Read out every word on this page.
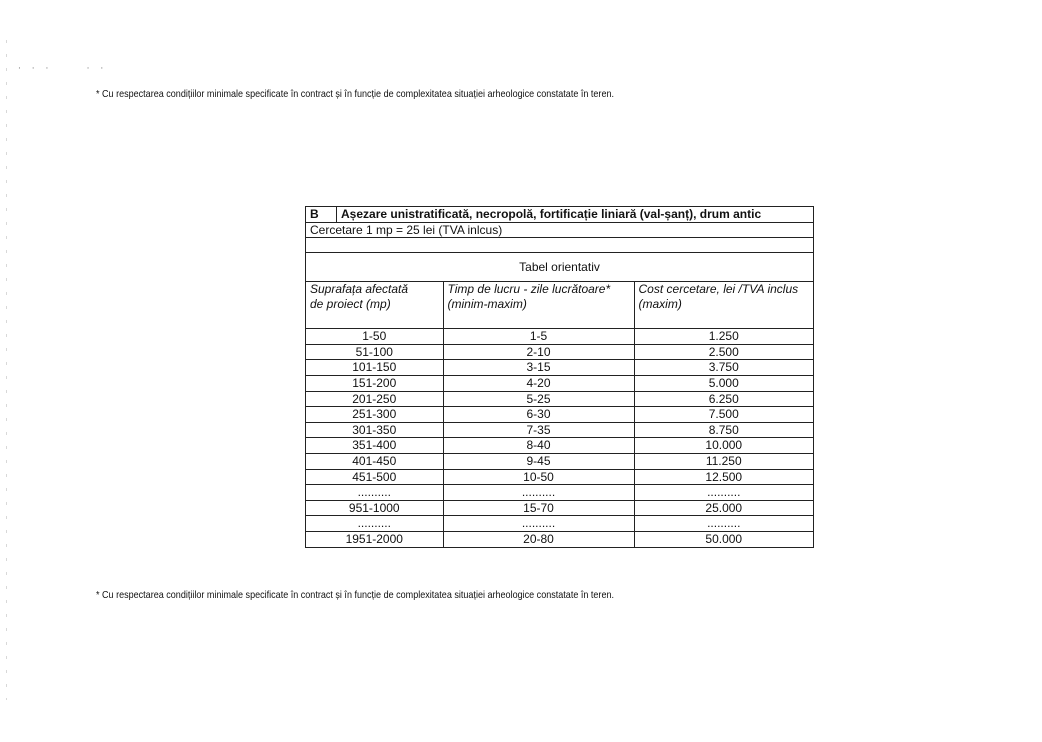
· · ·     · ·
* Cu respectarea condițiilor minimale specificate în contract și în funcție de complexitatea situației arheologice constatate în teren.
B	Așezare unistratificată, necropolă, fortificație liniară (val-șanț), drum antic		
Cercetare 1 mp = 25 lei (TVA inlcus)			

Tabel orientativ			
Suprafața afectată de proiect (mp)		Timp de lucru - zile lucrătoare* (minim-maxim)	Cost cercetare, lei /TVA inclus (maxim)
1-50		1-5	1.250
51-100		2-10	2.500
101-150		3-15	3.750
151-200		4-20	5.000
201-250		5-25	6.250
251-300		6-30	7.500
301-350		7-35	8.750
351-400		8-40	10.000
401-450		9-45	11.250
451-500		10-50	12.500
..........		..........	..........
951-1000		15-70	25.000
..........		..........	..........
1951-2000		20-80	50.000
* Cu respectarea condițiilor minimale specificate în contract și în funcție de complexitatea situației arheologice constatate în teren.
